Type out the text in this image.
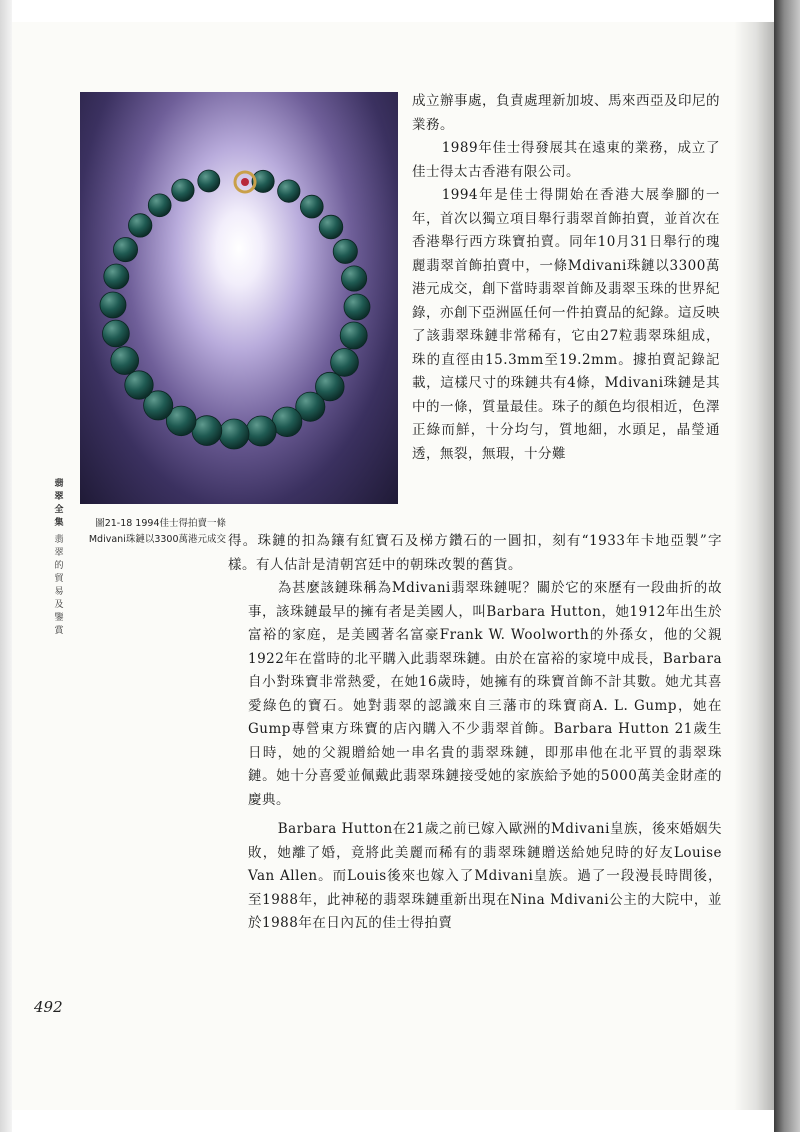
圖21-18 1994佳士得拍賣一條Mdivani珠鏈以3300萬港元成交
翡翠全集
翡翠的貿易及鑒賞

成立辦事處，負責處理新加坡、馬來西亞及印尼的業務。

1989年佳士得發展其在遠東的業務，成立了佳士得太古香港有限公司。

1994年是佳士得開始在香港大展拳腳的一年，首次以獨立項目舉行翡翠首飾拍賣，並首次在香港舉行西方珠寶拍賣。同年10月31日舉行的瑰麗翡翠首飾拍賣中，一條Mdivani珠鏈以3300萬港元成交，創下當時翡翠首飾及翡翠玉珠的世界紀錄，亦創下亞洲區任何一件拍賣品的紀錄。這反映了該翡翠珠鏈非常稀有，它由27粒翡翠珠組成，珠的直徑由15.3mm至19.2mm。據拍賣記錄記載，這樣尺寸的珠鏈共有4條，Mdivani珠鏈是其中的一條，質量最佳。珠子的顏色均很相近，色澤正綠而鮮，十分均勻，質地細，水頭足，晶瑩通透，無裂，無瑕，十分難

得。珠鏈的扣為鑲有紅寶石及梯方鑽石的一圓扣，刻有“1933年卡地亞製”字樣。有人估計是清朝宮廷中的朝珠改製的舊貨。

為甚麼該鏈珠稱為Mdivani翡翠珠鏈呢？關於它的來歷有一段曲折的故事，該珠鏈最早的擁有者是美國人，叫Barbara Hutton，她1912年出生於富裕的家庭，是美國著名富豪Frank W. Woolworth的外孫女，他的父親1922年在當時的北平購入此翡翠珠鏈。由於在富裕的家境中成長，Barbara自小對珠寶非常熱愛，在她16歲時，她擁有的珠寶首飾不計其數。她尤其喜愛綠色的寶石。她對翡翠的認識來自三藩市的珠寶商A. L. Gump，她在Gump專營東方珠寶的店內購入不少翡翠首飾。Barbara Hutton 21歲生日時，她的父親贈給她一串名貴的翡翠珠鏈，即那串他在北平買的翡翠珠鏈。她十分喜愛並佩戴此翡翠珠鏈接受她的家族給予她的5000萬美金財產的慶典。

Barbara Hutton在21歲之前已嫁入歐洲的Mdivani皇族，後來婚姻失敗，她離了婚，竟將此美麗而稀有的翡翠珠鏈贈送給她兒時的好友Louise Van Allen。而Louis後來也嫁入了Mdivani皇族。過了一段漫長時間後，至1988年，此神秘的翡翠珠鏈重新出現在Nina Mdivani公主的大院中，並於1988年在日內瓦的佳士得拍賣

492
